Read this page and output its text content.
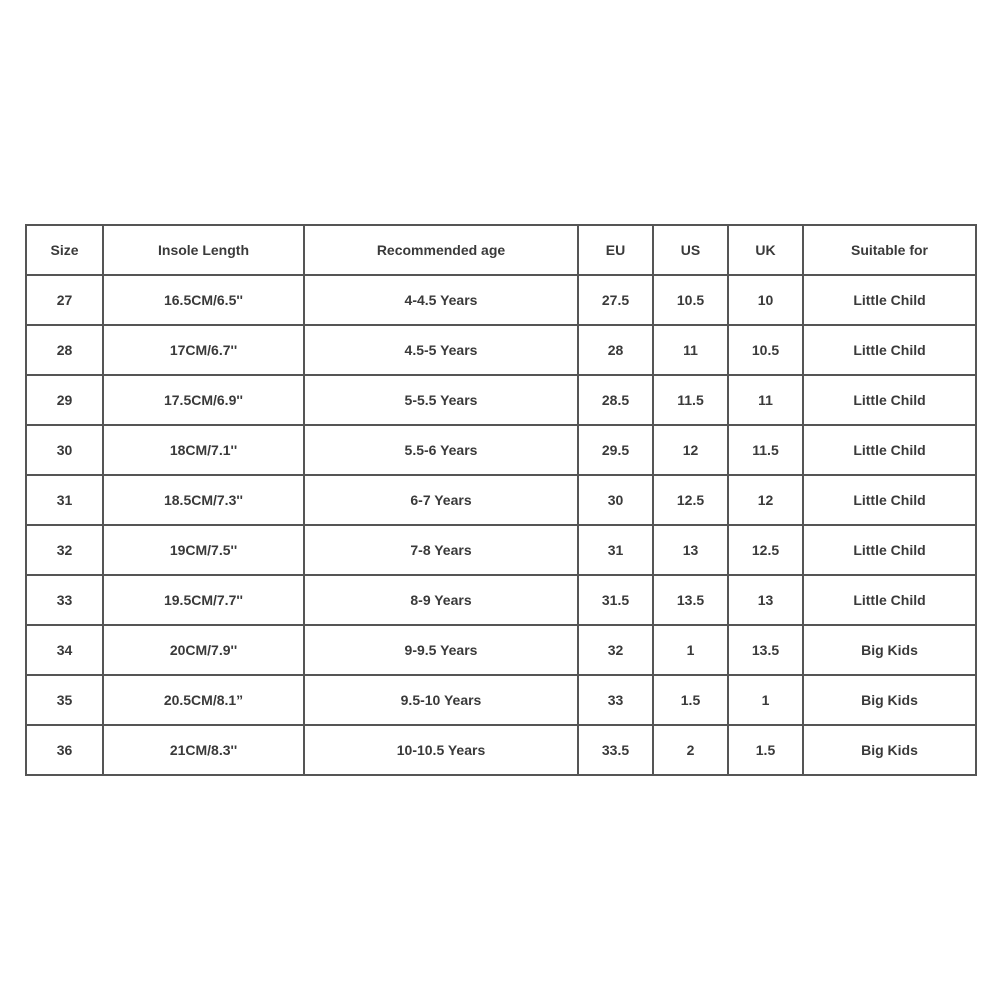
Size	Insole Length	Recommended age	EU	US	UK	Suitable for
27	16.5CM/6.5''	4-4.5 Years	27.5	10.5	10	Little Child
28	17CM/6.7''	4.5-5 Years	28	11	10.5	Little Child
29	17.5CM/6.9''	5-5.5 Years	28.5	11.5	11	Little Child
30	18CM/7.1''	5.5-6 Years	29.5	12	11.5	Little Child
31	18.5CM/7.3''	6-7 Years	30	12.5	12	Little Child
32	19CM/7.5''	7-8 Years	31	13	12.5	Little Child
33	19.5CM/7.7''	8-9 Years	31.5	13.5	13	Little Child
34	20CM/7.9''	9-9.5 Years	32	1	13.5	Big Kids
35	20.5CM/8.1”	9.5-10 Years	33	1.5	1	Big Kids
36	21CM/8.3''	10-10.5 Years	33.5	2	1.5	Big Kids
